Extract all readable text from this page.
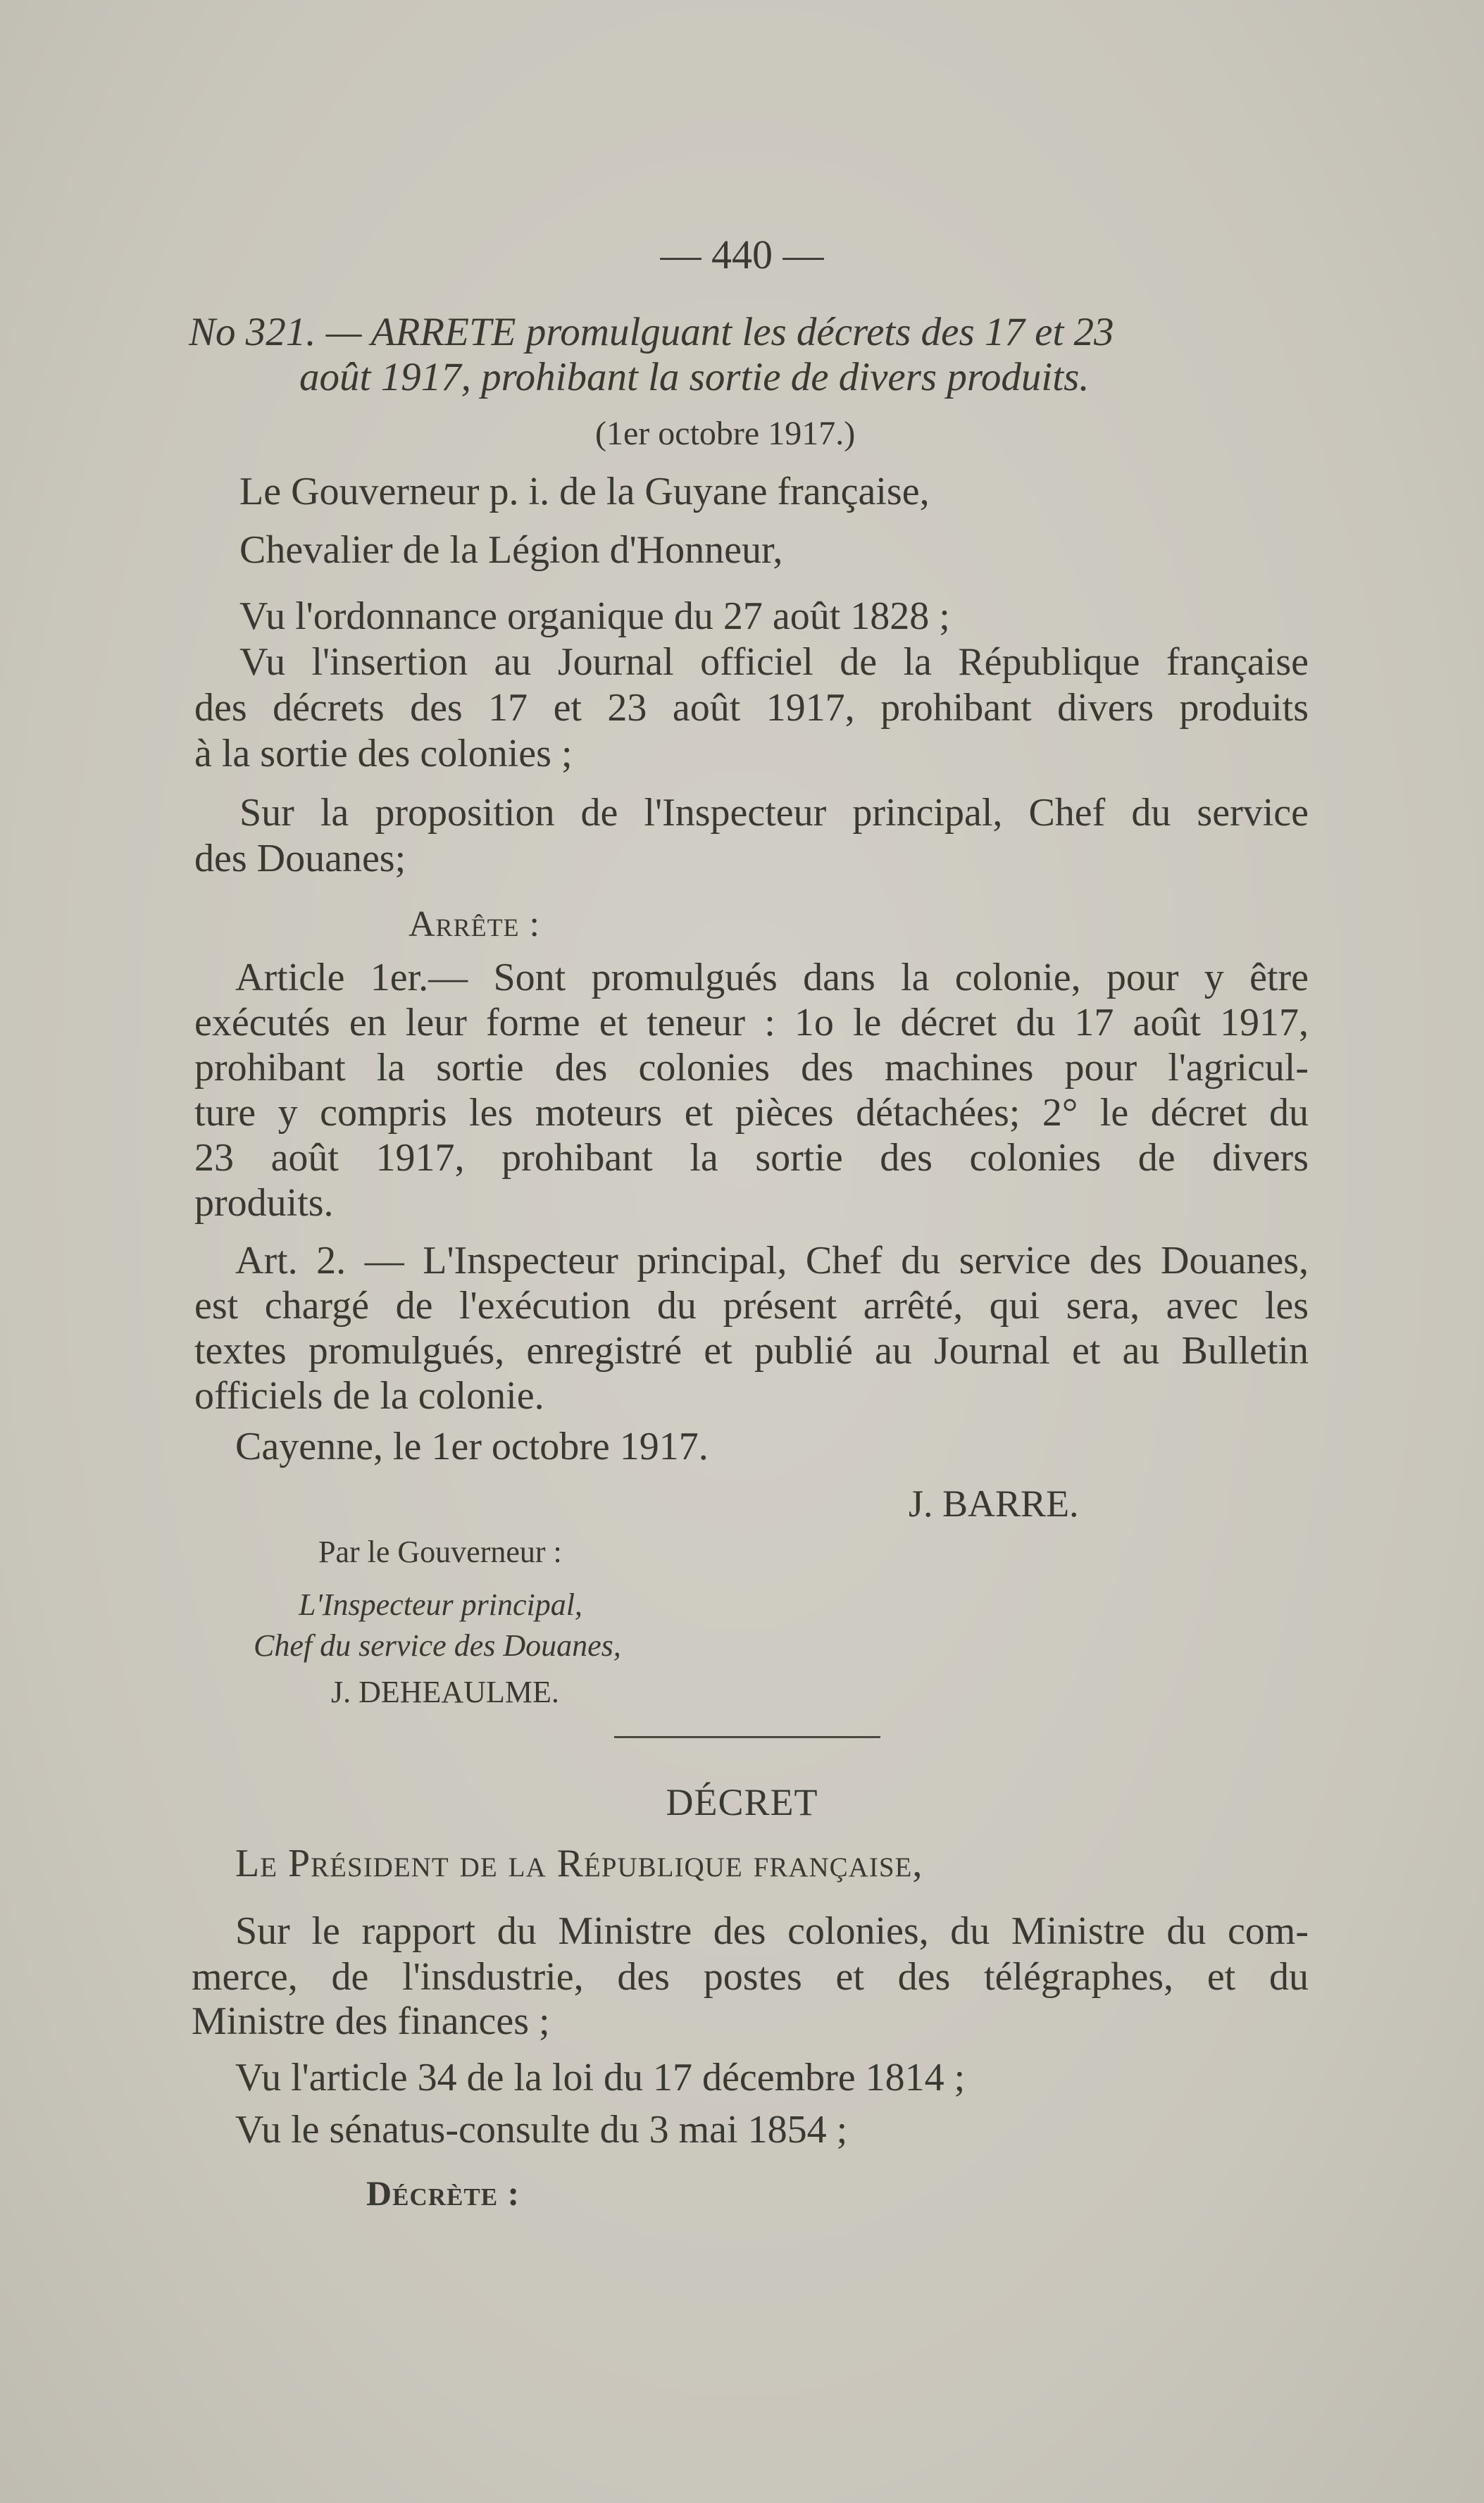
— 440 —
No 321. — ARRETE promulguant les décrets des 17 et 23
août 1917, prohibant la sortie de divers produits.
(1er octobre 1917.)
Le Gouverneur p. i. de la Guyane française,
Chevalier de la Légion d'Honneur,
Vu l'ordonnance organique du 27 août 1828 ;
Vu l'insertion au Journal officiel de la République française
des décrets des 17 et 23 août 1917, prohibant divers produits
à la sortie des colonies ;
Sur la proposition de l'Inspecteur principal, Chef du service
des Douanes;
Arrête :
Article 1er.— Sont promulgués dans la colonie, pour y être
exécutés en leur forme et teneur : 1o le décret du 17 août 1917,
prohibant la sortie des colonies des machines pour l'agricul-
ture y compris les moteurs et pièces détachées; 2° le décret du
23 août 1917, prohibant la sortie des colonies de divers
produits.
Art. 2. — L'Inspecteur principal, Chef du service des Douanes,
est chargé de l'exécution du présent arrêté, qui sera, avec les
textes promulgués, enregistré et publié au Journal et au Bulletin
officiels de la colonie.
Cayenne, le 1er octobre 1917.
J. BARRE.
Par le Gouverneur :
L'Inspecteur principal,
Chef du service des Douanes,
J. DEHEAULME.
DÉCRET
Le Président de la République française,
Sur le rapport du Ministre des colonies, du Ministre du com-
merce, de l'insdustrie, des postes et des télégraphes, et du
Ministre des finances ;
Vu l'article 34 de la loi du 17 décembre 1814 ;
Vu le sénatus-consulte du 3 mai 1854 ;
Décrète :
